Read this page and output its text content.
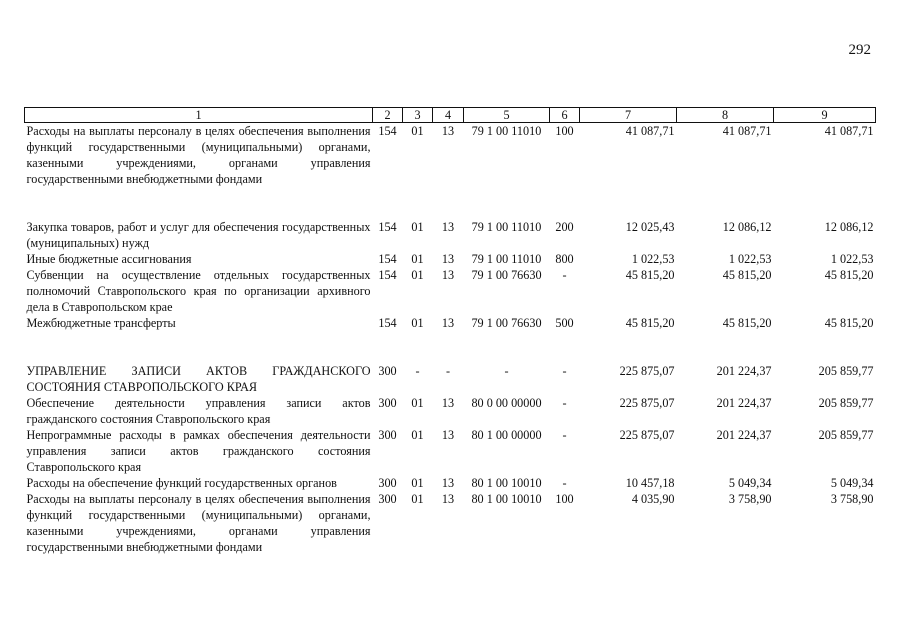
292
1	2	3	4	5	6	7	8	9
Расходы на выплаты персоналу в целях обеспечения выполнения функций государственными (муниципальными) органами, казенными учреждениями, органами управления государственными внебюджетными фондами	154	01	13	79 1 00 11010	100	41 087,71	41 087,71	41 087,71

Закупка товаров, работ и услуг для обеспечения государственных (муниципальных) нужд	154	01	13	79 1 00 11010	200	12 025,43	12 086,12	12 086,12
Иные бюджетные ассигнования	154	01	13	79 1 00 11010	800	1 022,53	1 022,53	1 022,53
Субвенции на осуществление отдельных государственных полномочий Ставропольского края по организации архивного дела в Ставропольском крае	154	01	13	79 1 00 76630	-	45 815,20	45 815,20	45 815,20
Межбюджетные трансферты	154	01	13	79 1 00 76630	500	45 815,20	45 815,20	45 815,20

УПРАВЛЕНИЕ ЗАПИСИ АКТОВ ГРАЖДАНСКОГО СОСТОЯНИЯ СТАВРОПОЛЬСКОГО КРАЯ	300	-	-	-	-	225 875,07	201 224,37	205 859,77
Обеспечение деятельности управления записи актов гражданского состояния Ставропольского края	300	01	13	80 0 00 00000	-	225 875,07	201 224,37	205 859,77
Непрограммные расходы в рамках обеспечения деятельности управления записи актов гражданского состояния Ставропольского края	300	01	13	80 1 00 00000	-	225 875,07	201 224,37	205 859,77
Расходы на обеспечение функций государственных органов	300	01	13	80 1 00 10010	-	10 457,18	5 049,34	5 049,34
Расходы на выплаты персоналу в целях обеспечения выполнения функций государственными (муниципальными) органами, казенными учреждениями, органами управления государственными внебюджетными фондами	300	01	13	80 1 00 10010	100	4 035,90	3 758,90	3 758,90
